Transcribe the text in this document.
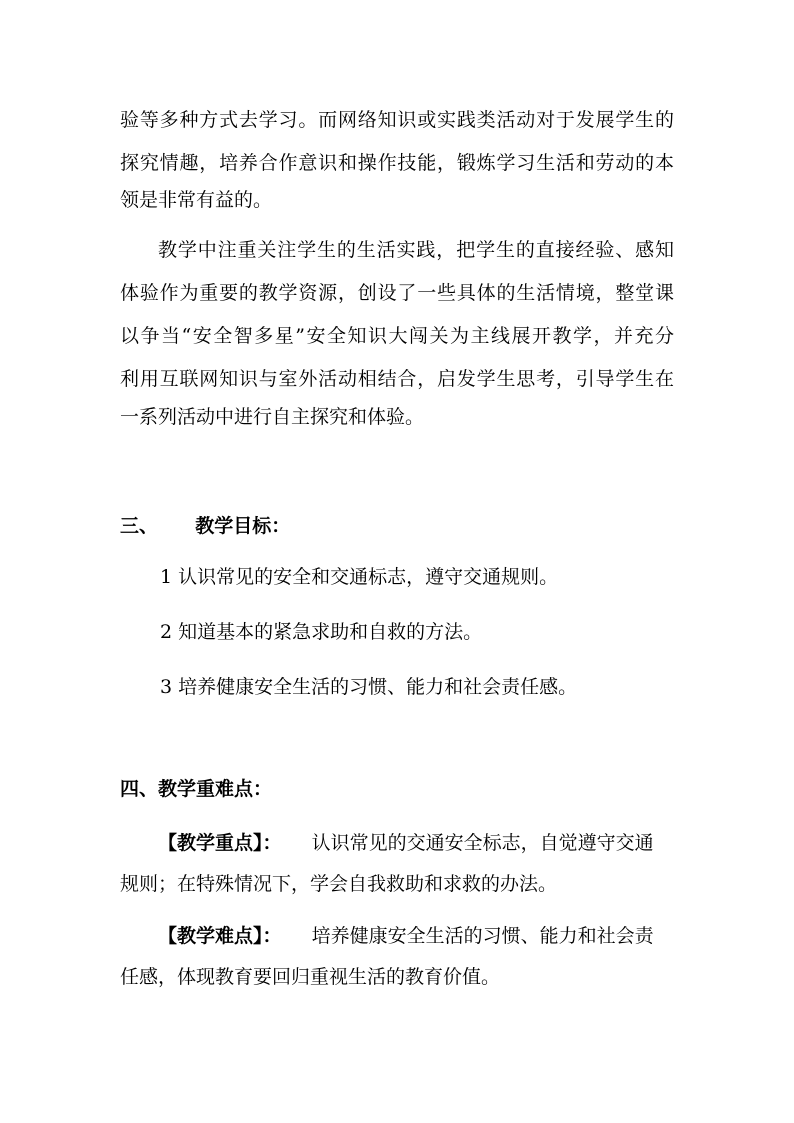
验等多种方式去学习。而网络知识或实践类活动对于发展学生的
探究情趣，培养合作意识和操作技能，锻炼学习生活和劳动的本
领是非常有益的。
教学中注重关注学生的生活实践，把学生的直接经验、感知
体验作为重要的教学资源，创设了一些具体的生活情境，整堂课
以争当“安全智多星”安全知识大闯关为主线展开教学，并充分
利用互联网知识与室外活动相结合，启发学生思考，引导学生在
一系列活动中进行自主探究和体验。
三、 教学目标：
1 认识常见的安全和交通标志，遵守交通规则。
2 知道基本的紧急求助和自救的方法。
3 培养健康安全生活的习惯、能力和社会责任感。
四、教学重难点：
【教学重点】： 认识常见的交通安全标志，自觉遵守交通
规则；在特殊情况下，学会自我救助和求救的办法。
【教学难点】： 培养健康安全生活的习惯、能力和社会责
任感，体现教育要回归重视生活的教育价值。
